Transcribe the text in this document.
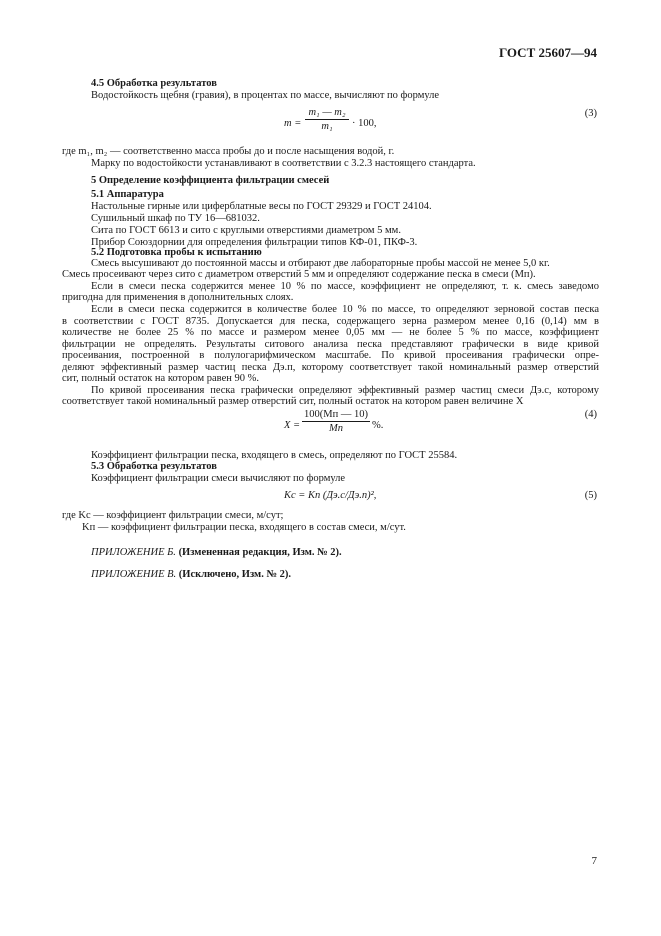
ГОСТ 25607—94
4.5 Обработка результатов
Водостойкость щебня (гравия), в процентах по массе, вычисляют по формуле
$m = \frac{\text{m₁ — m₂}}{\text{m₁}} \cdot 100$,
(3)
где m₁, m₂ — соответственно масса пробы до и после насыщения водой, г.
Марку по водостойкости устанавливают в соответствии с 3.2.3 настоящего стандарта.
5 Определение коэффициента фильтрации смесей
5.1 Аппаратура
Настольные гирные или циферблатные весы по ГОСТ 29329 и ГОСТ 24104.
Сушильный шкаф по ТУ 16—681032.
Сита по ГОСТ 6613 и сито с круглыми отверстиями диаметром 5 мм.
Прибор Союздорнии для определения фильтрации типов КФ-01, ПКФ-3.
5.2 Подготовка пробы к испытанию
Смесь высушивают до постоянной массы и отбирают две лабораторные пробы массой не менее 5,0 кг.
Смесь просеивают через сито с диаметром отверстий 5 мм и определяют содержание песка в смеси (Mп).
Если в смеси песка содержится менее 10 % по массе, коэффициент не определяют, т. к. смесь заведомо
пригодна для применения в дополнительных слоях.
Если в смеси песка содержится в количестве более 10 % по массе, то определяют зерновой состав песка
в соответствии с ГОСТ 8735. Допускается для песка, содержащего зерна размером менее 0,16 (0,14) мм в
количестве не более 25 % по массе и размером менее 0,05 мм — не более 5 % по массе, коэффициент
фильтрации не определять. Результаты ситового анализа песка представляют графически в виде кривой
просеивания, построенной в полулогарифмическом масштабе. По кривой просеивания графически опре-
деляют эффективный размер частиц песка Дэ.п, которому соответствует такой номинальный размер отверстий
сит, полный остаток на котором равен 90 %.
По кривой просеивания песка графически определяют эффективный размер частиц смеси Дэ.с, которому
соответствует такой номинальный размер отверстий сит, полный остаток на котором равен величине X
X =
100(Mп — 10)
Mп	%.
(4)
Коэффициент фильтрации песка, входящего в смесь, определяют по ГОСТ 25584.
5.3 Обработка результатов
Коэффициент фильтрации смеси вычисляют по формуле
Kс = Kп (Дэ.с/Дэ.п)²,	(5)
где Kс — коэффициент фильтрации смеси, м/сут;
Kп — коэффициент фильтрации песка, входящего в состав смеси, м/сут.
ПРИЛОЖЕНИЕ Б. (Измененная редакция, Изм. № 2).
ПРИЛОЖЕНИЕ В. (Исключено, Изм. № 2).
7
